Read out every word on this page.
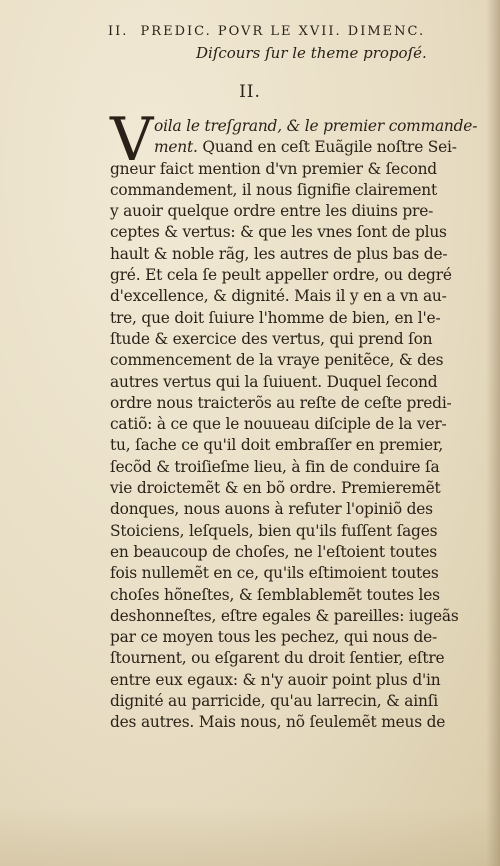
II. PREDIC. POVR LE XVII. DIMENC.
Diſcours ſur le theme propoſé.
II.
V oila le treſgrand, & le premier commande-
ment. Quand en ceſt Euãgile noſtre Sei-
gneur faict mention d'vn premier & ſecond
commandement, il nous ſignifie clairement
y auoir quelque ordre entre les diuins pre-
ceptes & vertus: & que les vnes ſont de plus
hault & noble rãg, les autres de plus bas de-
gré. Et cela ſe peult appeller ordre, ou degré
d'excellence, & dignité. Mais il y en a vn au-
tre, que doit ſuiure l'homme de bien, en l'e-
ſtude & exercice des vertus, qui prend ſon
commencement de la vraye penitẽce, & des
autres vertus qui la ſuiuent. Duquel ſecond
ordre nous traicterõs au reſte de ceſte predi-
catiõ: à ce que le nouueau diſciple de la ver-
tu, ſache ce qu'il doit embraſſer en premier,
ſecõd & troiſieſme lieu, à fin de conduire ſa
vie droictemẽt & en bõ ordre. Premieremẽt
donques, nous auons à refuter l'opiniõ des
Stoiciens, leſquels, bien qu'ils fuſſent ſages
en beaucoup de choſes, ne l'eſtoient toutes
fois nullemẽt en ce, qu'ils eſtimoient toutes
choſes hõneſtes, & ſemblablemẽt toutes les
deshonneſtes, eſtre egales & pareilles: iugeãs
par ce moyen tous les pechez, qui nous de-
ſtournent, ou eſgarent du droit ſentier, eſtre
entre eux egaux: & n'y auoir point plus d'in
dignité au parricide, qu'au larrecin, & ainſi
des autres. Mais nous, nõ ſeulemẽt meus de
